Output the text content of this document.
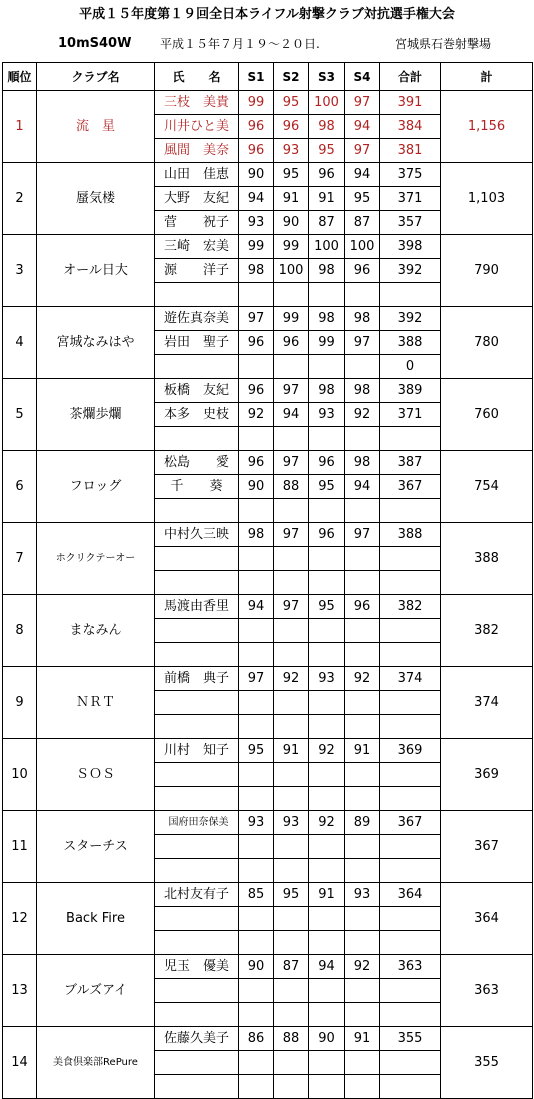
平成１５年度第１９回全日本ライフル射撃クラブ対抗選手権大会
10mS40W 平成１５年７月１９～２０日.	宮城県石巻射撃場
順位	クラブ名	氏　　名	S1	S2	S3	S4	合計	計
1	流　星	三枝　美貴	99	95	100	97	391	1,156
		川井ひと美	96	96	98	94	384	
		風間　美奈	96	93	95	97	381	
2	蜃気楼	山田　佳恵	90	95	96	94	375	1,103
		大野　友紀	94	91	91	95	371	
		菅　　祝子	93	90	87	87	357	
3	オール日大	三崎　宏美	99	99	100	100	398	790
		源　　洋子	98	100	98	96	392	

4	宮城なみはや	遊佐真奈美	97	99	98	98	392	780
		岩田　聖子	96	96	99	97	388	
							0	
5	茶爛歩爛	板橋　友紀	96	97	98	98	389	760
		本多　史枝	92	94	93	92	371	

6	フロッグ	松島　　愛	96	97	96	98	387	754
		千　　葵	90	88	95	94	367	

7	ホクリクテーオー	中村久三映	98	97	96	97	388	388

8	まなみん	馬渡由香里	94	97	95	96	382	382

9	ＮＲＴ	前橋　典子	97	92	93	92	374	374

10	ＳＯＳ	川村　知子	95	91	92	91	369	369

11	スターチス	国府田奈保美	93	93	92	89	367	367

12	Back Fire	北村友有子	85	95	91	93	364	364

13	ブルズアイ	児玉　優美	90	87	94	92	363	363

14	美食倶楽部RePure	佐藤久美子	86	88	90	91	355	355
